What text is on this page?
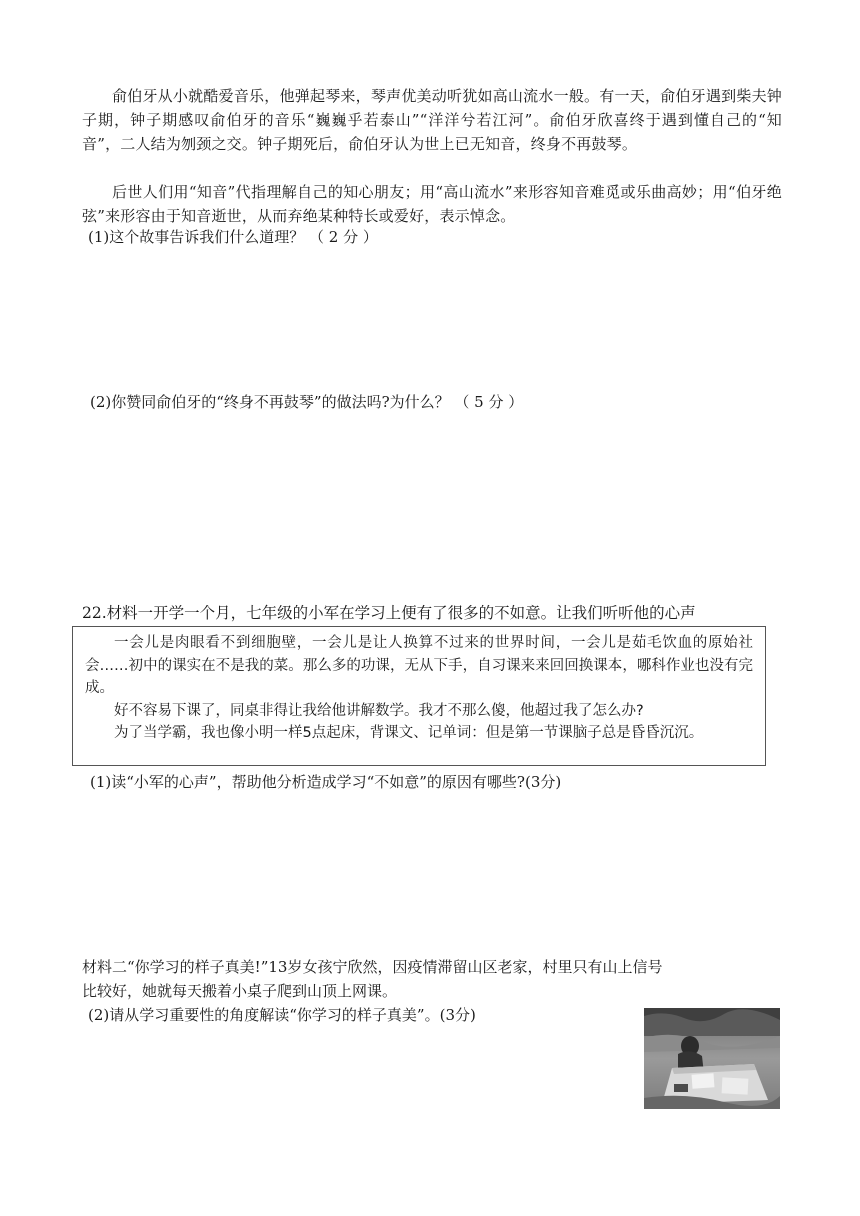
俞伯牙从小就酷爱音乐，他弹起琴来，琴声优美动听犹如高山流水一般。有一天，俞伯牙遇到柴夫钟子期，钟子期感叹俞伯牙的音乐“巍巍乎若泰山”“洋洋兮若江河”。俞伯牙欣喜终于遇到懂自己的“知音”，二人结为刎颈之交。钟子期死后，俞伯牙认为世上已无知音，终身不再鼓琴。

后世人们用“知音”代指理解自己的知心朋友；用“高山流水”来形容知音难觅或乐曲高妙；用“伯牙绝弦”来形容由于知音逝世，从而弃绝某种特长或爱好，表示悼念。

(1)这个故事告诉我们什么道理？ （ 2 分 ）

(2)你赞同俞伯牙的“终身不再鼓琴”的做法吗?为什么？ （ 5 分 ）

22.材料一开学一个月，七年级的小军在学习上便有了很多的不如意。让我们听听他的心声

一会儿是肉眼看不到细胞壁，一会儿是让人换算不过来的世界时间，一会儿是茹毛饮血的原始社会……初中的课实在不是我的菜。那么多的功课，无从下手，自习课来来回回换课本，哪科作业也没有完成。

好不容易下课了，同桌非得让我给他讲解数学。我才不那么傻，他超过我了怎么办?

为了当学霸，我也像小明一样5点起床，背课文、记单词：但是第一节课脑子总是昏昏沉沉。

(1)读“小军的心声”，帮助他分析造成学习“不如意”的原因有哪些?(3分)

材料二“你学习的样子真美!”13岁女孩宁欣然，因疫情滞留山区老家，村里只有山上信号

比较好，她就每天搬着小桌子爬到山顶上网课。

(2)请从学习重要性的角度解读“你学习的样子真美”。(3分)
